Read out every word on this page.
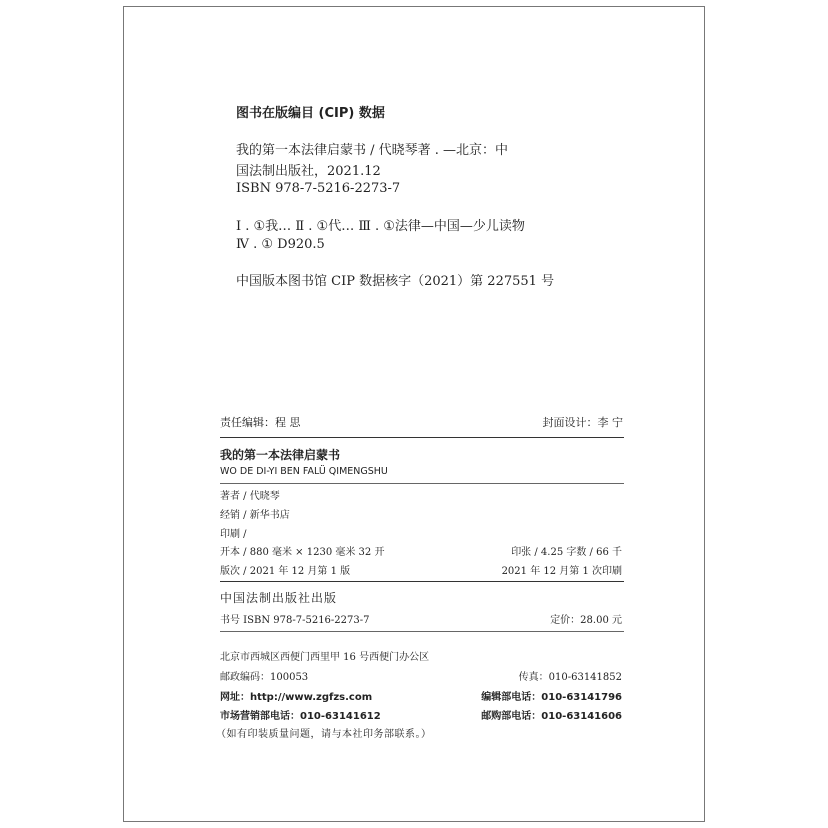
图书在版编目 (CIP) 数据
我的第一本法律启蒙书 / 代晓琴著 . —北京：中
国法制出版社，2021.12
ISBN 978-7-5216-2273-7
Ⅰ . ①我… Ⅱ . ①代… Ⅲ . ①法律—中国—少儿读物
Ⅳ . ① D920.5
中国版本图书馆 CIP 数据核字（2021）第 227551 号
责任编辑：程 思	封面设计：李 宁
我的第一本法律启蒙书
WO DE DI-YI BEN FALÜ QIMENGSHU
著者 / 代晓琴
经销 / 新华书店
印刷 /
开本 / 880 毫米 × 1230 毫米 32 开	印张 / 4.25 字数 / 66 千
版次 / 2021 年 12 月第 1 版	2021 年 12 月第 1 次印刷
中国法制出版社出版
书号 ISBN 978-7-5216-2273-7	定价：28.00 元
北京市西城区西便门西里甲 16 号西便门办公区
邮政编码：100053	传真：010-63141852
网址：http://www.zgfzs.com	编辑部电话：010-63141796
市场营销部电话：010-63141612	邮购部电话：010-63141606
（如有印装质量问题，请与本社印务部联系。）
